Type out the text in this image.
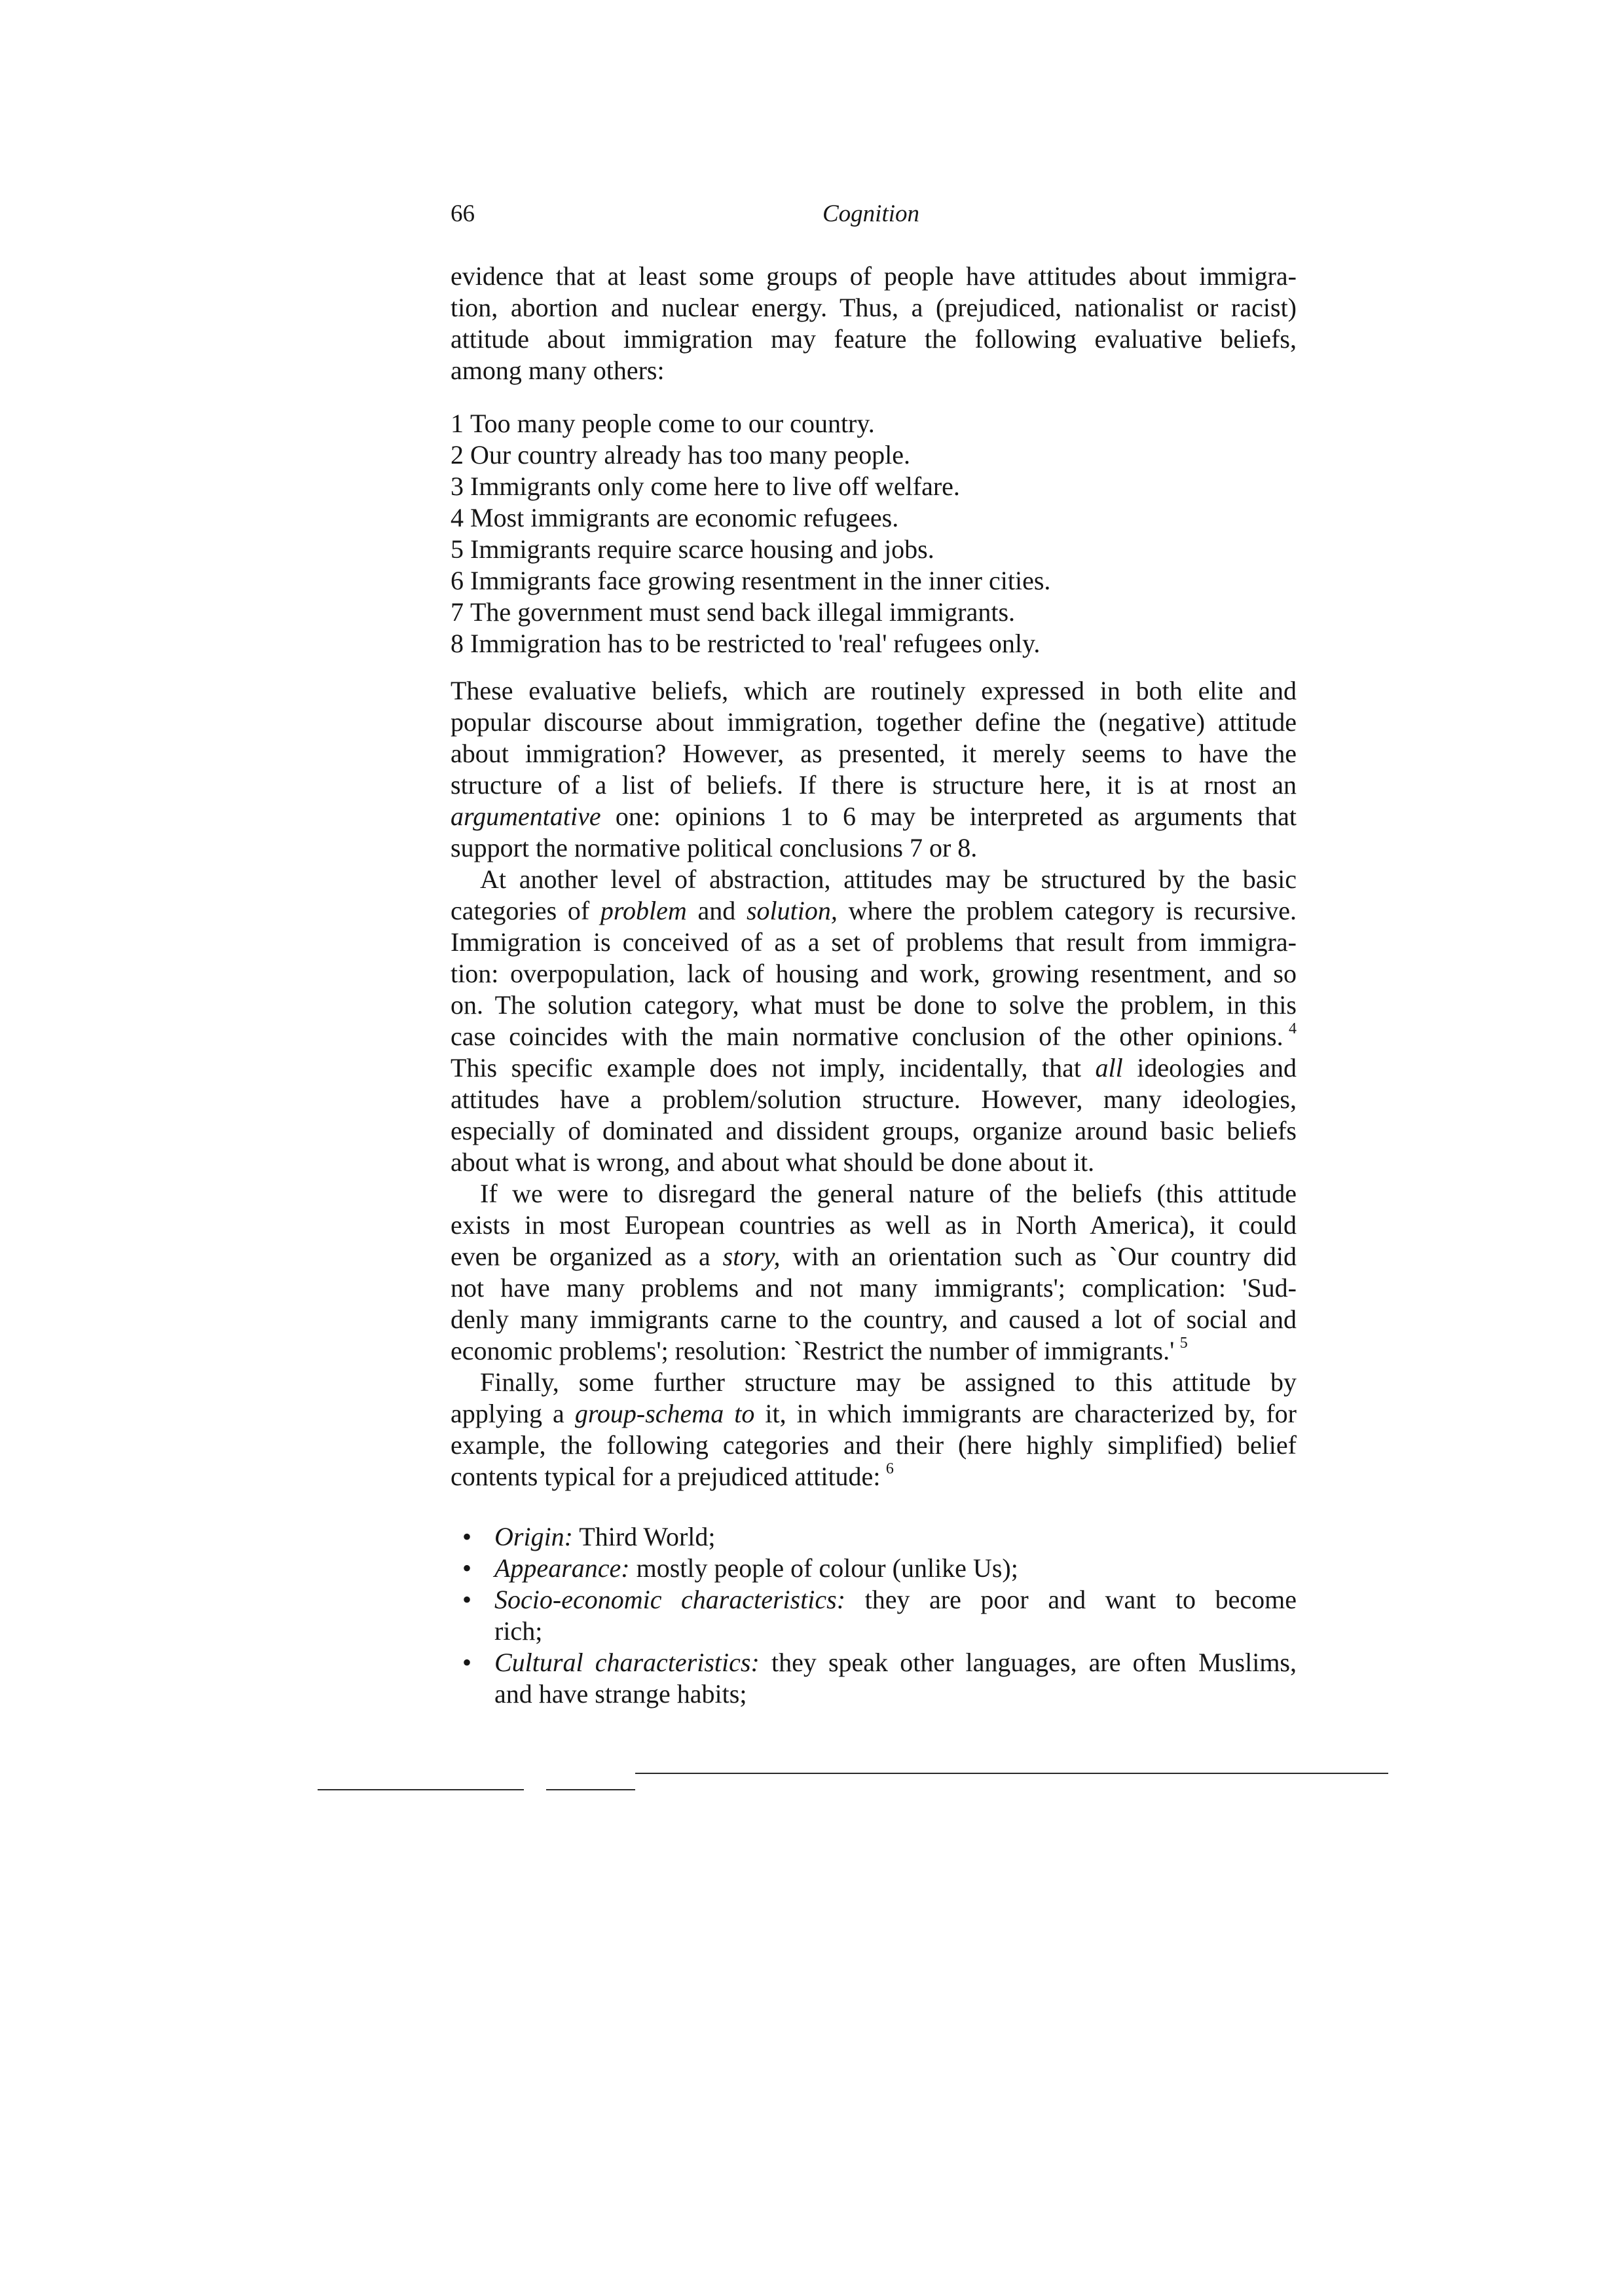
66	Cognition
evidence that at least some groups of people have attitudes about immigra-
tion, abortion and nuclear energy. Thus, a (prejudiced, nationalist or racist)
attitude about immigration may feature the following evaluative beliefs,
among many others:
1 Too many people come to our country.
2 Our country already has too many people.
3 Immigrants only come here to live off welfare.
4 Most immigrants are economic refugees.
5 Immigrants require scarce housing and jobs.
6 Immigrants face growing resentment in the inner cities.
7 The government must send back illegal immigrants.
8 Immigration has to be restricted to 'real' refugees only.
These evaluative beliefs, which are routinely expressed in both elite and
popular discourse about immigration, together define the (negative) attitude
about immigration? However, as presented, it merely seems to have the
structure of a list of beliefs. If there is structure here, it is at rnost an
argumentative one: opinions 1 to 6 may be interpreted as arguments that
support the normative political conclusions 7 or 8.
At another level of abstraction, attitudes may be structured by the basic
categories of problem and solution, where the problem category is recursive.
Immigration is conceived of as a set of problems that result from immigra-
tion: overpopulation, lack of housing and work, growing resentment, and so
on. The solution category, what must be done to solve the problem, in this
case coincides with the main normative conclusion of the other opinions. $^4$
This specific example does not imply, incidentally, that all ideologies and
attitudes have a problem/solution structure. However, many ideologies,
especially of dominated and dissident groups, organize around basic beliefs
about what is wrong, and about what should be done about it.
If we were to disregard the general nature of the beliefs (this attitude
exists in most European countries as well as in North America), it could
even be organized as a story, with an orientation such as `Our country did
not have many problems and not many immigrants'; complication: 'Sud-
denly many immigrants carne to the country, and caused a lot of social and
economic problems'; resolution: `Restrict the number of immigrants.' $^5$
Finally, some further structure may be assigned to this attitude by
applying a group-schema to it, in which immigrants are characterized by, for
example, the following categories and their (here highly simplified) belief
contents typical for a prejudiced attitude: $^6$
• Origin: Third World;
• Appearance: mostly people of colour (unlike Us);
• Socio-economic characteristics: they are poor and want to become
rich;
• Cultural characteristics: they speak other languages, are often Muslims,
and have strange habits;
